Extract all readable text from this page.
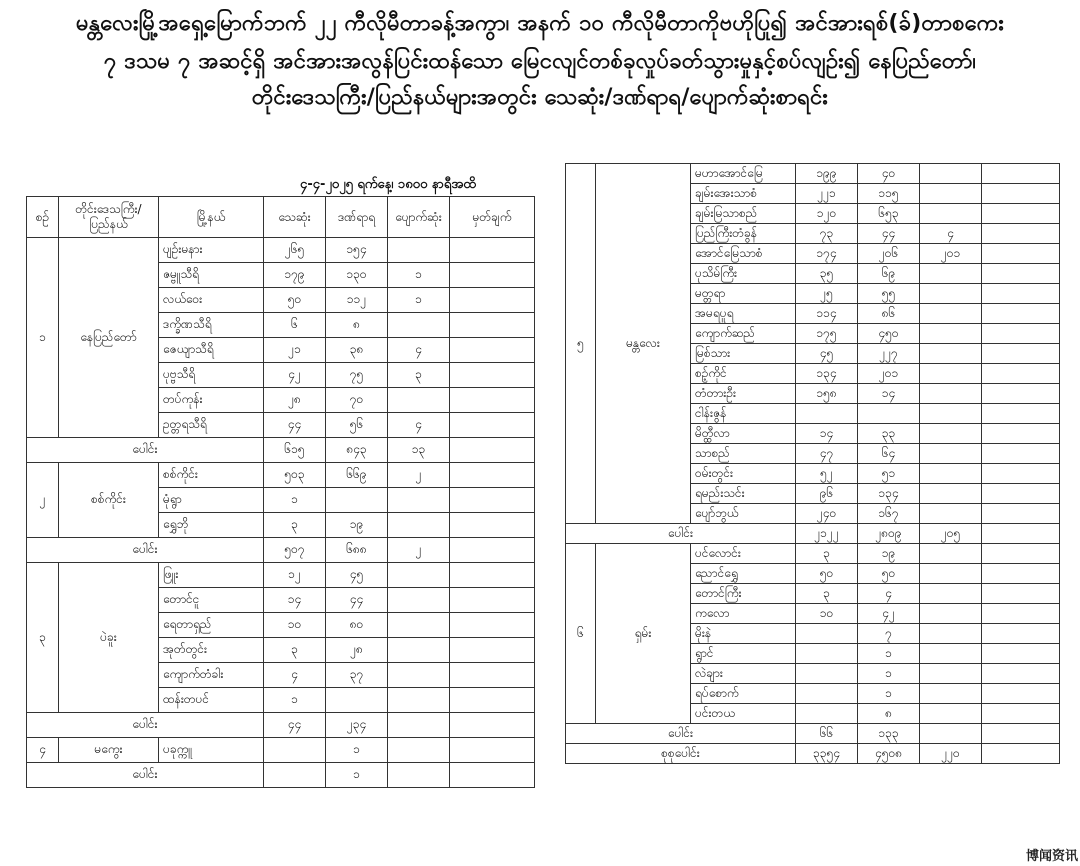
မန္တလေးမြို့အရှေ့မြောက်ဘက် ၂၂ ကီလိုမီတာခန့်အကွာ၊ အနက် ၁၀ ကီလိုမီတာကိုဗဟိုပြု၍ အင်အားရစ်(ခ်)တာစကေး
၇ ဒသမ ၇ အဆင့်ရှိ အင်အားအလွန်ပြင်းထန်သော မြေငလျင်တစ်ခုလှုပ်ခတ်သွားမှုနှင့်စပ်လျဉ်း၍ နေပြည်တော်၊
တိုင်းဒေသကြီး/ပြည်နယ်များအတွင်း သေဆုံး/ဒဏ်ရာရ/ပျောက်ဆုံးစာရင်း
၄-၄-၂၀၂၅ ရက်နေ့၊ ၁၈၀၀ နာရီအထိ
စဉ်	တိုင်းဒေသကြီး/ ပြည်နယ်	မြို့နယ်	သေဆုံး	ဒဏ်ရာရ	ပျောက်ဆုံး	မှတ်ချက်
၁	နေပြည်တော်	ပျဉ်းမနား	၂၆၅	၁၅၄		
		ဇမ္ဗူသီရိ	၁၇၉	၁၃၀	၁	
		လယ်ဝေး	၅၀	၁၁၂	၁	
		ဒက္ခိဏသီရိ	၆	၈		
		ဇေယျာသီရိ	၂၁	၃၈	၄	
		ပုဗ္ဗသီရိ	၄၂	၇၅	၃	
		တပ်ကုန်း	၂၈	၇၀		
		ဥတ္တရသီရိ	၄၄	၅၆	၄	
ပေါင်း			၆၁၅	၈၄၃	၁၃	
၂	စစ်ကိုင်း	စစ်ကိုင်း	၅၀၃	၆၆၉	၂	
		မုံရွာ	၁			
		ရွှေဘို	၃	၁၉		
ပေါင်း			၅၀၇	၆၈၈	၂	
၃	ပဲခူး	ဖြူး	၁၂	၄၅		
		တောင်ငူ	၁၄	၄၄		
		ရေတာရှည်	၁၀	၈၀		
		အုတ်တွင်း	၃	၂၈		
		ကျောက်တံခါး	၄	၃၇		
		ထန်းတပင်	၁			
ပေါင်း			၄၄	၂၃၄		
၄	မကွေး	ပခုက္ကူ		၁		
ပေါင်း				၁		
၅	မန္တလေး	မဟာအောင်မြေ	၁၉၉	၄၀		
		ချမ်းအေးသာစံ	၂၂၁	၁၁၅		
		ချမ်းမြသာစည်	၁၂၀	၆၅၃		
		ပြည်ကြီးတံခွန်	၇၃	၄၄	၄	
		အောင်မြေသာစံ	၁၇၄	၂၀၆	၂၀၁	
		ပုသိမ်ကြီး	၃၅	၆၉		
		မတ္တရာ	၂၅	၅၅		
		အမရပူရ	၁၁၄	၈၆		
		ကျောက်ဆည်	၁၇၅	၄၅၀		
		မြစ်သား	၄၅	၂၂၇		
		စဉ့်ကိုင်	၁၃၄	၂၀၁		
		တံတားဦး	၁၅၈	၁၄		
		ငါန်းဇွန်				
		မိတ္ထီလာ	၁၄	၃၃		
		သာစည်	၄၇	၆၄		
		ဝမ်းတွင်း	၅၂	၅၁		
		ရမည်းသင်း	၉၆	၁၃၄		
		ပျော်ဘွယ်	၂၄၀	၁၆၇		
ပေါင်း			၂၁၂၂	၂၈၀၉	၂၀၅	
၆	ရှမ်း	ပင်လောင်း	၃	၁၉		
		ညောင်ရွှေ	၅၀	၅၀		
		တောင်ကြီး	၃	၄		
		ကလော	၁၀	၄၂		
		မိုးနဲ		၇		
		ရွာင်		၁		
		လဲချား		၁		
		ရပ်စောက်		၁		
		ပင်းတယ		၈		
ပေါင်း			၆၆	၁၃၃		
စုစုပေါင်း			၃၃၅၄	၄၅၀၈	၂၂၀	
博闻资讯
